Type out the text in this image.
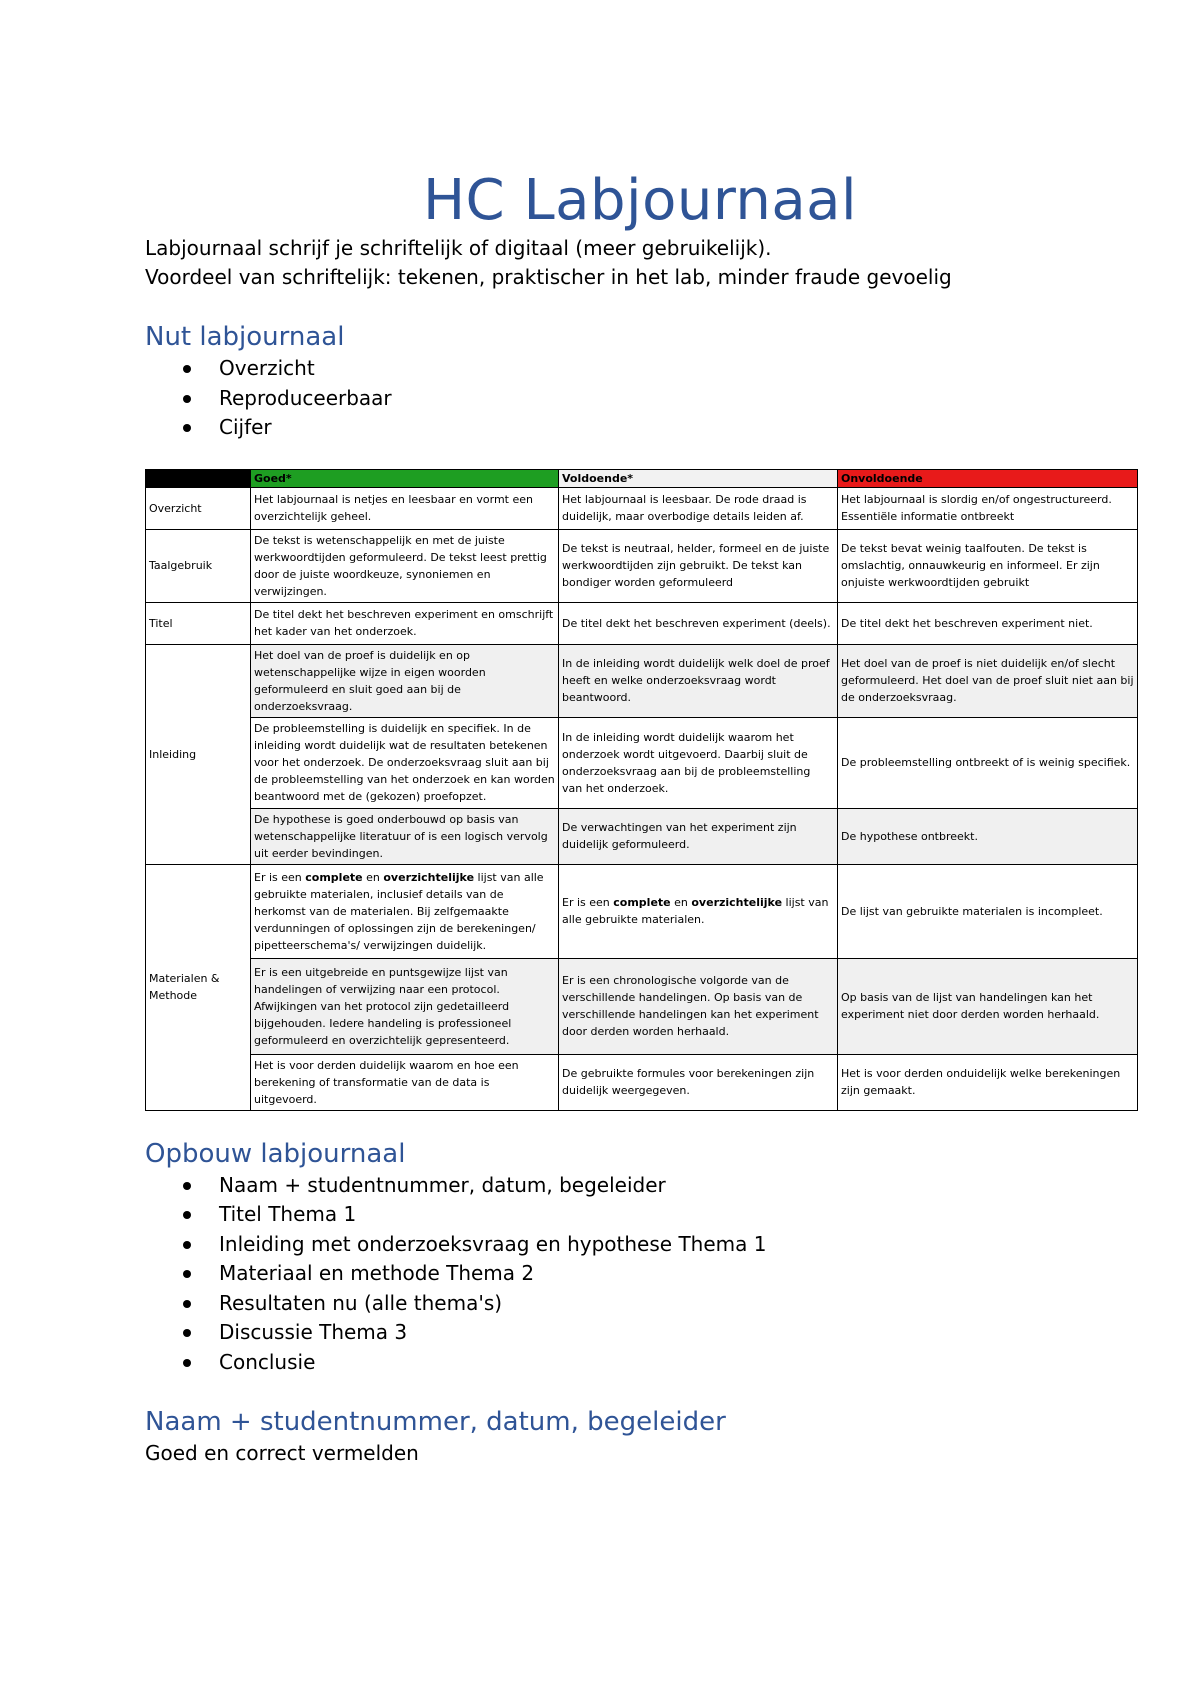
HC Labjournaal

Labjournaal schrijf je schriftelijk of digitaal (meer gebruikelijk).

Voordeel van schriftelijk: tekenen, praktischer in het lab, minder fraude gevoelig

Nut labjournaal
Overzicht
Reproduceerbaar
Cijfer
	Goed*	Voldoende*	Onvoldoende
Overzicht	Het labjournaal is netjes en leesbaar en vormt een overzichtelijk geheel.	Het labjournaal is leesbaar. De rode draad is duidelijk, maar overbodige details leiden af.	Het labjournaal is slordig en/of ongestructureerd. Essentiële informatie ontbreekt
Taalgebruik	De tekst is wetenschappelijk en met de juiste werkwoordtijden geformuleerd. De tekst leest prettig door de juiste woordkeuze, synoniemen en verwijzingen.	De tekst is neutraal, helder, formeel en de juiste werkwoordtijden zijn gebruikt. De tekst kan bondiger worden geformuleerd	De tekst bevat weinig taalfouten. De tekst is omslachtig, onnauwkeurig en informeel. Er zijn onjuiste werkwoordtijden gebruikt
Titel	De titel dekt het beschreven experiment en omschrijft het kader van het onderzoek.	De titel dekt het beschreven experiment (deels).	De titel dekt het beschreven experiment niet.
Inleiding	Het doel van de proef is duidelijk en op wetenschappelijke wijze in eigen woorden geformuleerd en sluit goed aan bij de onderzoeksvraag.	In de inleiding wordt duidelijk welk doel de proef heeft en welke onderzoeksvraag wordt beantwoord.	Het doel van de proef is niet duidelijk en/of slecht geformuleerd. Het doel van de proef sluit niet aan bij de onderzoeksvraag.
	De probleemstelling is duidelijk en specifiek. In de inleiding wordt duidelijk wat de resultaten betekenen voor het onderzoek. De onderzoeksvraag sluit aan bij de probleemstelling van het onderzoek en kan worden beantwoord met de (gekozen) proefopzet.	In de inleiding wordt duidelijk waarom het onderzoek wordt uitgevoerd. Daarbij sluit de onderzoeksvraag aan bij de probleemstelling van het onderzoek.	De probleemstelling ontbreekt of is weinig specifiek.
	De hypothese is goed onderbouwd op basis van wetenschappelijke literatuur of is een logisch vervolg uit eerder bevindingen.	De verwachtingen van het experiment zijn duidelijk geformuleerd.	De hypothese ontbreekt.
Materialen & Methode	Er is een complete en overzichtelijke lijst van alle gebruikte materialen, inclusief details van de herkomst van de materialen. Bij zelfgemaakte verdunningen of oplossingen zijn de berekeningen/ pipetteerschema's/ verwijzingen duidelijk.	Er is een complete en overzichtelijke lijst van alle gebruikte materialen.	De lijst van gebruikte materialen is incompleet.
	Er is een uitgebreide en puntsgewijze lijst van handelingen of verwijzing naar een protocol. Afwijkingen van het protocol zijn gedetailleerd bijgehouden. Iedere handeling is professioneel geformuleerd en overzichtelijk gepresenteerd.	Er is een chronologische volgorde van de verschillende handelingen. Op basis van de verschillende handelingen kan het experiment door derden worden herhaald.	Op basis van de lijst van handelingen kan het experiment niet door derden worden herhaald.
	Het is voor derden duidelijk waarom en hoe een berekening of transformatie van de data is uitgevoerd.	De gebruikte formules voor berekeningen zijn duidelijk weergegeven.	Het is voor derden onduidelijk welke berekeningen zijn gemaakt.
Opbouw labjournaal
Naam + studentnummer, datum, begeleider
Titel Thema 1
Inleiding met onderzoeksvraag en hypothese Thema 1
Materiaal en methode Thema 2
Resultaten nu (alle thema's)
Discussie Thema 3
Conclusie
Naam + studentnummer, datum, begeleider

Goed en correct vermelden
